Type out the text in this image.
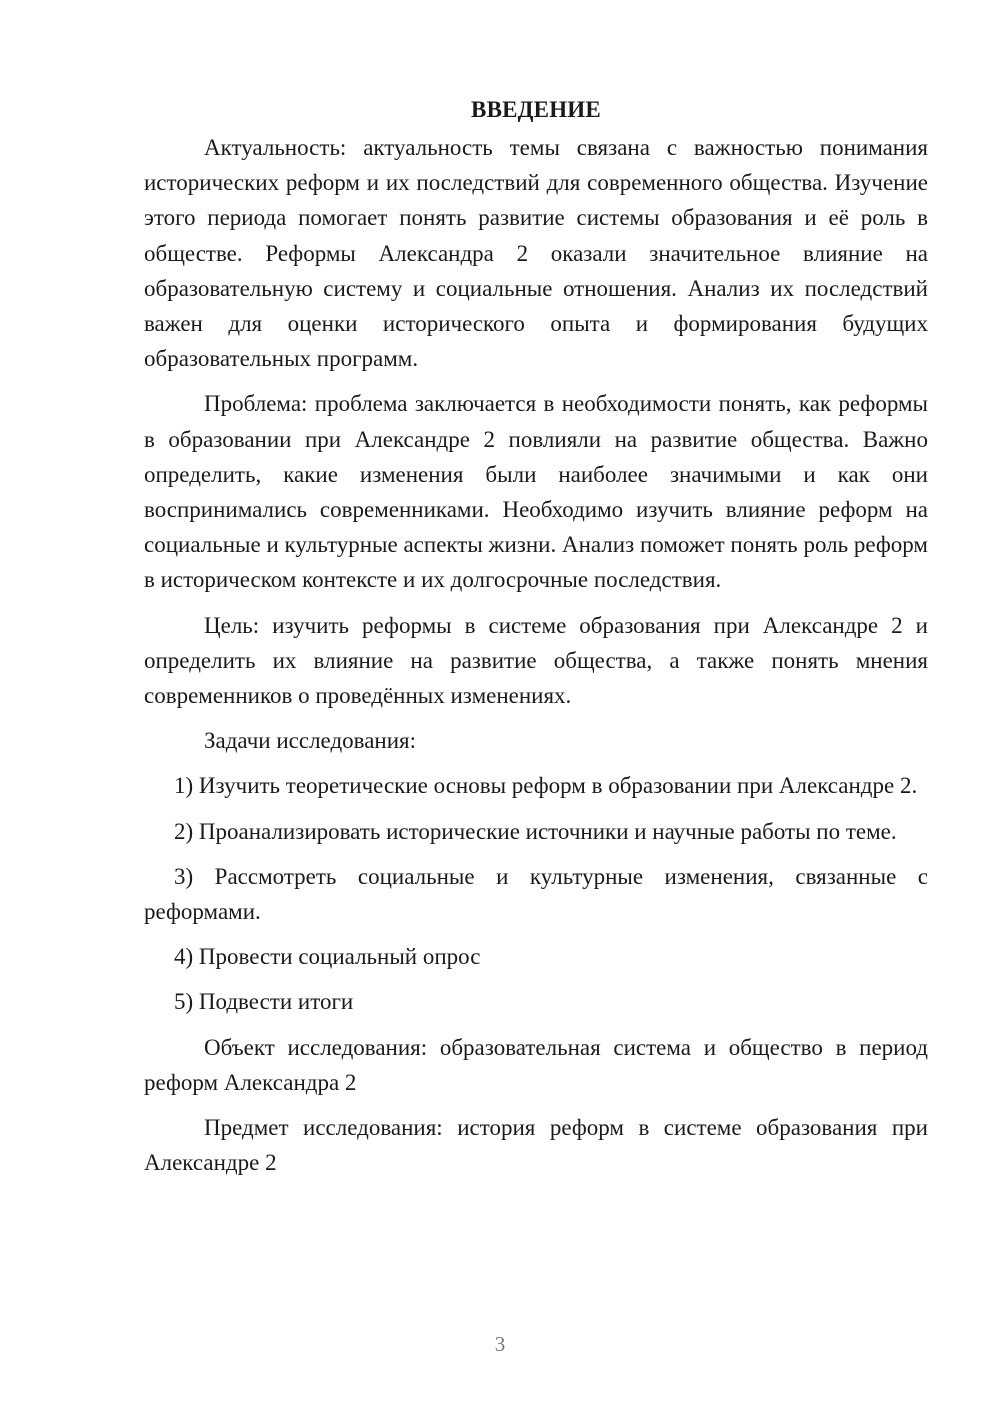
ВВЕДЕНИЕ

Актуальность: актуальность темы связана с важностью понимания исторических реформ и их последствий для современного общества. Изучение этого периода помогает понять развитие системы образования и её роль в обществе. Реформы Александра 2 оказали значительное влияние на образовательную систему и социальные отношения. Анализ их последствий важен для оценки исторического опыта и формирования будущих образовательных программ.

Проблема: проблема заключается в необходимости понять, как реформы в образовании при Александре 2 повлияли на развитие общества. Важно определить, какие изменения были наиболее значимыми и как они воспринимались современниками. Необходимо изучить влияние реформ на социальные и культурные аспекты жизни. Анализ поможет понять роль реформ в историческом контексте и их долгосрочные последствия.

Цель: изучить реформы в системе образования при Александре 2 и определить их влияние на развитие общества, а также понять мнения современников о проведённых изменениях.

Задачи исследования:

1) Изучить теоретические основы реформ в образовании при Александре 2.

2) Проанализировать исторические источники и научные работы по теме.

3) Рассмотреть социальные и культурные изменения, связанные с реформами.

4) Провести социальный опрос

5) Подвести итоги

Объект исследования: образовательная система и общество в период реформ Александра 2

Предмет исследования: история реформ в системе образования при Александре 2

3
